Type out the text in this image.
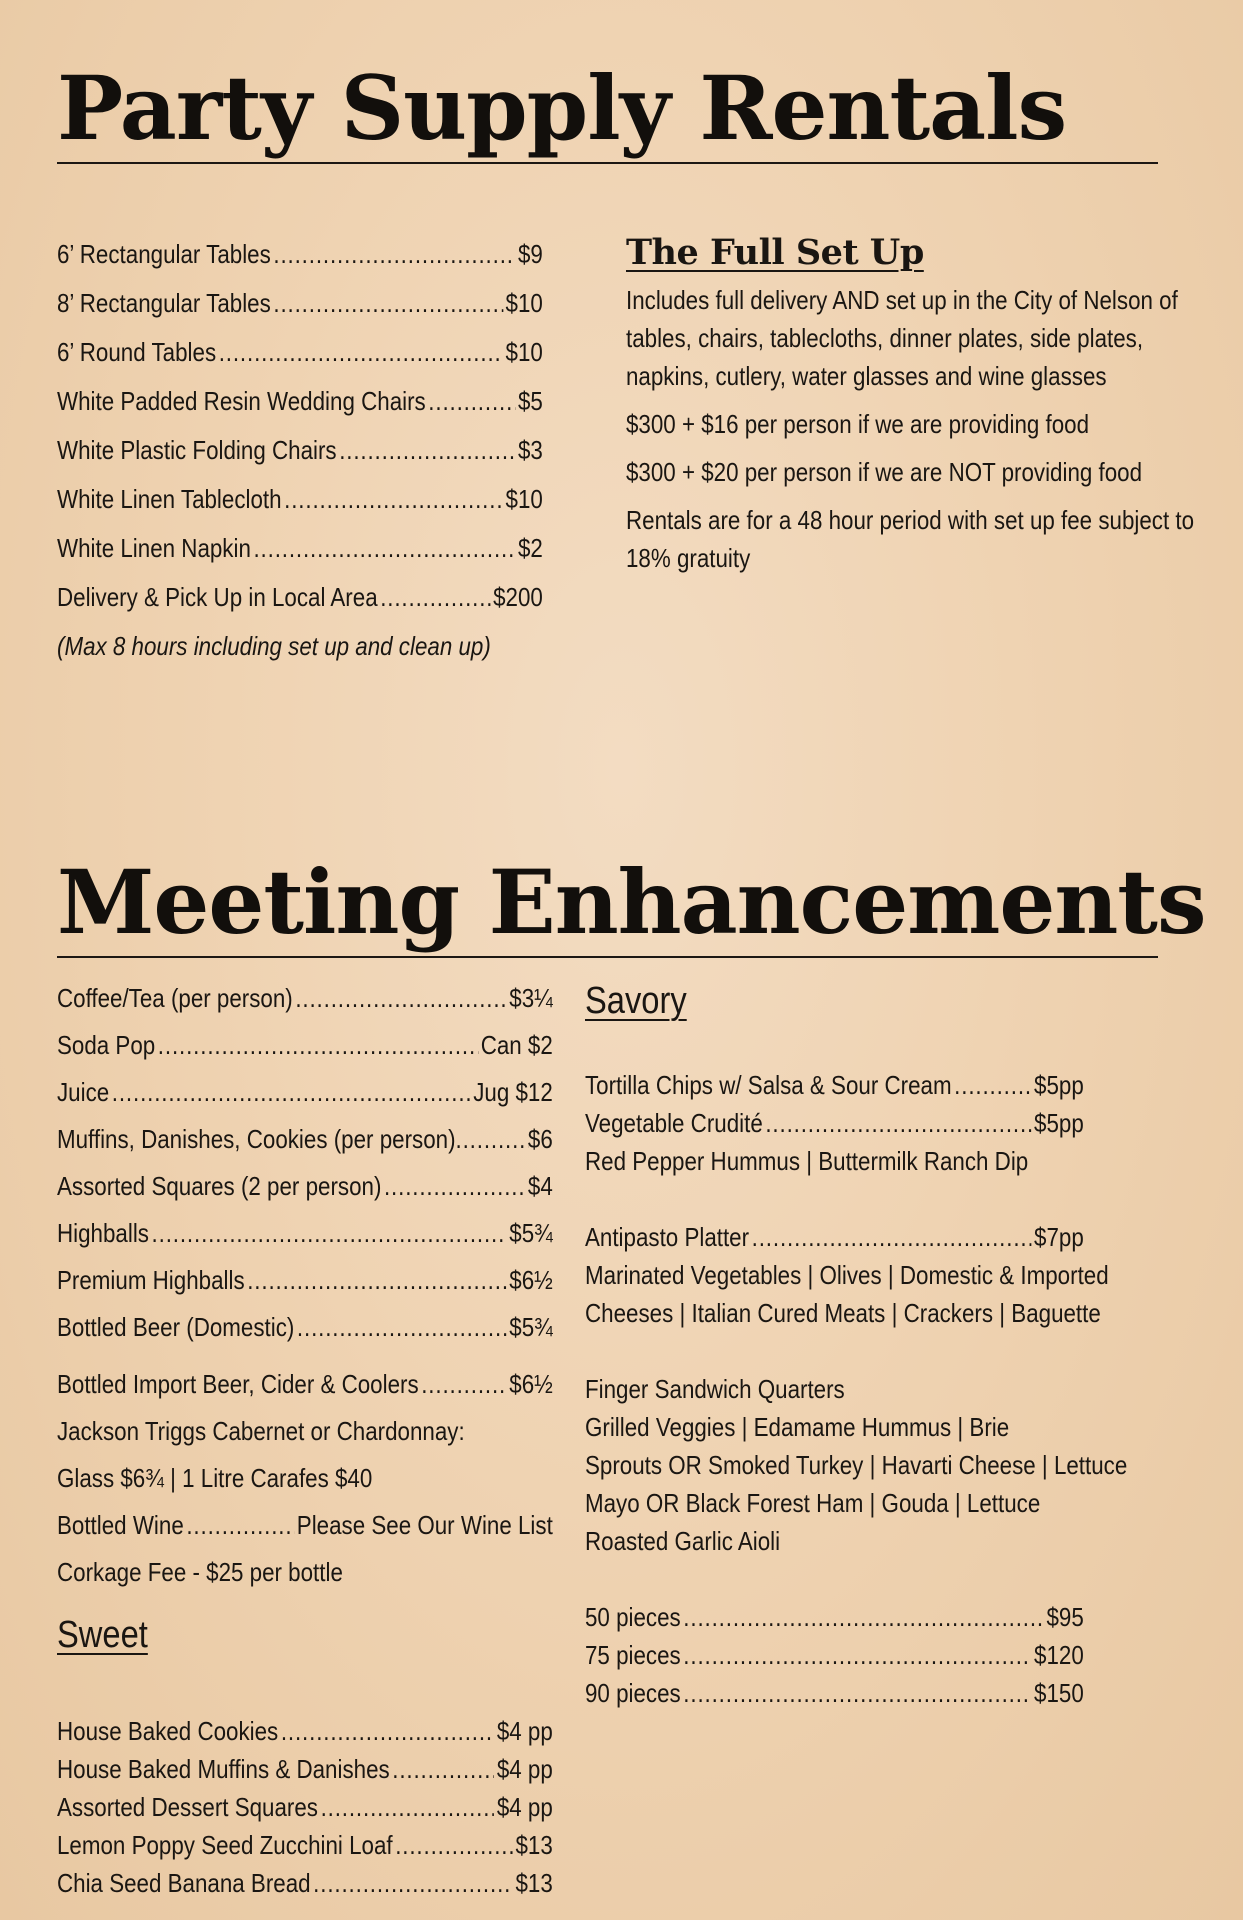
Party Supply Rentals
6’ Rectangular Tables .....	$9
8’ Rectangular Tables .....	$10
6’ Round Tables .....	$10
White Padded Resin Wedding Chairs .....	$5
White Plastic Folding Chairs .....	$3
White Linen Tablecloth .....	$10
White Linen Napkin .....	$2
Delivery & Pick Up in Local Area .....	$200
(Max 8 hours including set up and clean up)
The Full Set Up

Includes full delivery AND set up in the City of Nelson of tables, chairs, tablecloths, dinner plates, side plates, napkins, cutlery, water glasses and wine glasses

$300 + $16 per person if we are providing food

$300 + $20 per person if we are NOT providing food

Rentals are for a 48 hour period with set up fee subject to 18% gratuity

Meeting Enhancements
Coffee/Tea (per person) .....	$3¼
Soda Pop .....	Can $2
Juice .....	Jug $12
Muffins, Danishes, Cookies (per person) .....	$6
Assorted Squares (2 per person) .....	$4
Highballs .....	$5¾
Premium Highballs .....	$6½
Bottled Beer (Domestic) .....	$5¾
Bottled Import Beer, Cider & Coolers .....	$6½
Jackson Triggs Cabernet or Chardonnay:
Glass $6¾ | 1 Litre Carafes $40
Bottled Wine .....	Please See Our Wine List
Corkage Fee - $25 per bottle
Sweet
House Baked Cookies .....	$4 pp
House Baked Muffins & Danishes .....	$4 pp
Assorted Dessert Squares .....	$4 pp
Lemon Poppy Seed Zucchini Loaf .....	$13
Chia Seed Banana Bread .....	$13
Savory
Tortilla Chips w/ Salsa & Sour Cream .....	$5pp
Vegetable Crudité .....	$5pp
Red Pepper Hummus | Buttermilk Ranch Dip
Antipasto Platter .....	$7pp
Marinated Vegetables | Olives | Domestic & Imported
Cheeses | Italian Cured Meats | Crackers | Baguette
Finger Sandwich Quarters
Grilled Veggies | Edamame Hummus | Brie
Sprouts OR Smoked Turkey | Havarti Cheese | Lettuce
Mayo OR Black Forest Ham | Gouda | Lettuce
Roasted Garlic Aioli
50 pieces .....	$95
75 pieces .....	$120
90 pieces .....	$150
